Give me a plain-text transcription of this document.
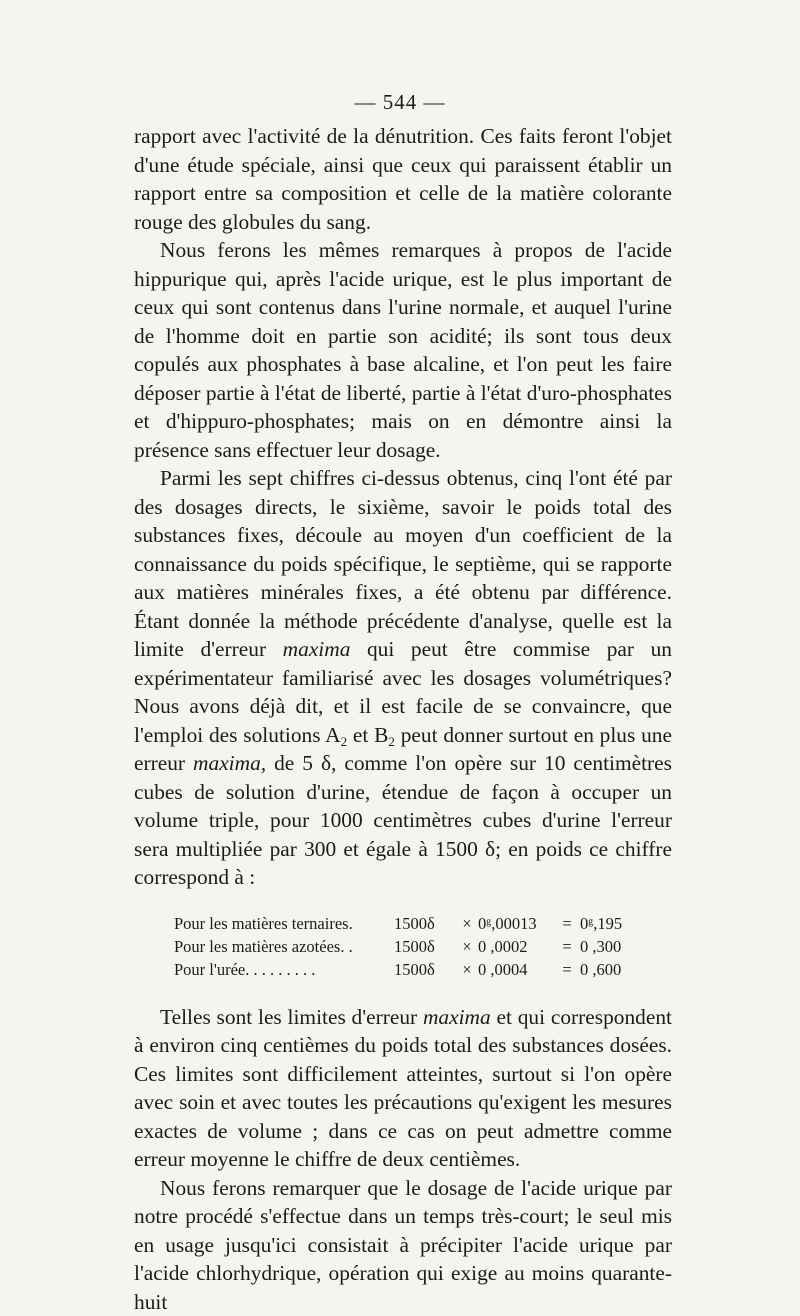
— 544 —

rapport avec l'activité de la dénutrition. Ces faits feront l'objet d'une étude spéciale, ainsi que ceux qui paraissent établir un rapport entre sa composition et celle de la matière colorante rouge des globules du sang.

Nous ferons les mêmes remarques à propos de l'acide hippurique qui, après l'acide urique, est le plus important de ceux qui sont contenus dans l'urine normale, et auquel l'urine de l'homme doit en partie son acidité; ils sont tous deux copulés aux phosphates à base alcaline, et l'on peut les faire déposer partie à l'état de liberté, partie à l'état d'uro-phosphates et d'hippuro-phosphates; mais on en démontre ainsi la présence sans effectuer leur dosage.

Parmi les sept chiffres ci-dessus obtenus, cinq l'ont été par des dosages directs, le sixième, savoir le poids total des substances fixes, découle au moyen d'un coefficient de la connaissance du poids spécifique, le septième, qui se rapporte aux matières minérales fixes, a été obtenu par différence. Étant donnée la méthode précédente d'analyse, quelle est la limite d'erreur maxima qui peut être commise par un expérimentateur familiarisé avec les dosages volumétriques? Nous avons déjà dit, et il est facile de se convaincre, que l'emploi des solutions $A_2$ et $B_2$ peut donner surtout en plus une erreur maxima, de 5 δ, comme l'on opère sur 10 centimètres cubes de solution d'urine, étendue de façon à occuper un volume triple, pour 1000 centimètres cubes d'urine l'erreur sera multipliée par 300 et égale à 1500 δ; en poids ce chiffre correspond à :

Pour les matières ternaires.	1500δ	× 0ᵍ,00013	= 0ᵍ,195
Pour les matières azotées. .	1500δ	× 0 ,0002	= 0 ,300
Pour l'urée. . . . . . . . .	1500δ	× 0 ,0004	= 0 ,600

Telles sont les limites d'erreur maxima et qui correspondent à environ cinq centièmes du poids total des substances dosées. Ces limites sont difficilement atteintes, surtout si l'on opère avec soin et avec toutes les précautions qu'exigent les mesures exactes de volume ; dans ce cas on peut admettre comme erreur moyenne le chiffre de deux centièmes.

Nous ferons remarquer que le dosage de l'acide urique par notre procédé s'effectue dans un temps très-court; le seul mis en usage jusqu'ici consistait à précipiter l'acide urique par l'acide chlorhydrique, opération qui exige au moins quarante-huit
